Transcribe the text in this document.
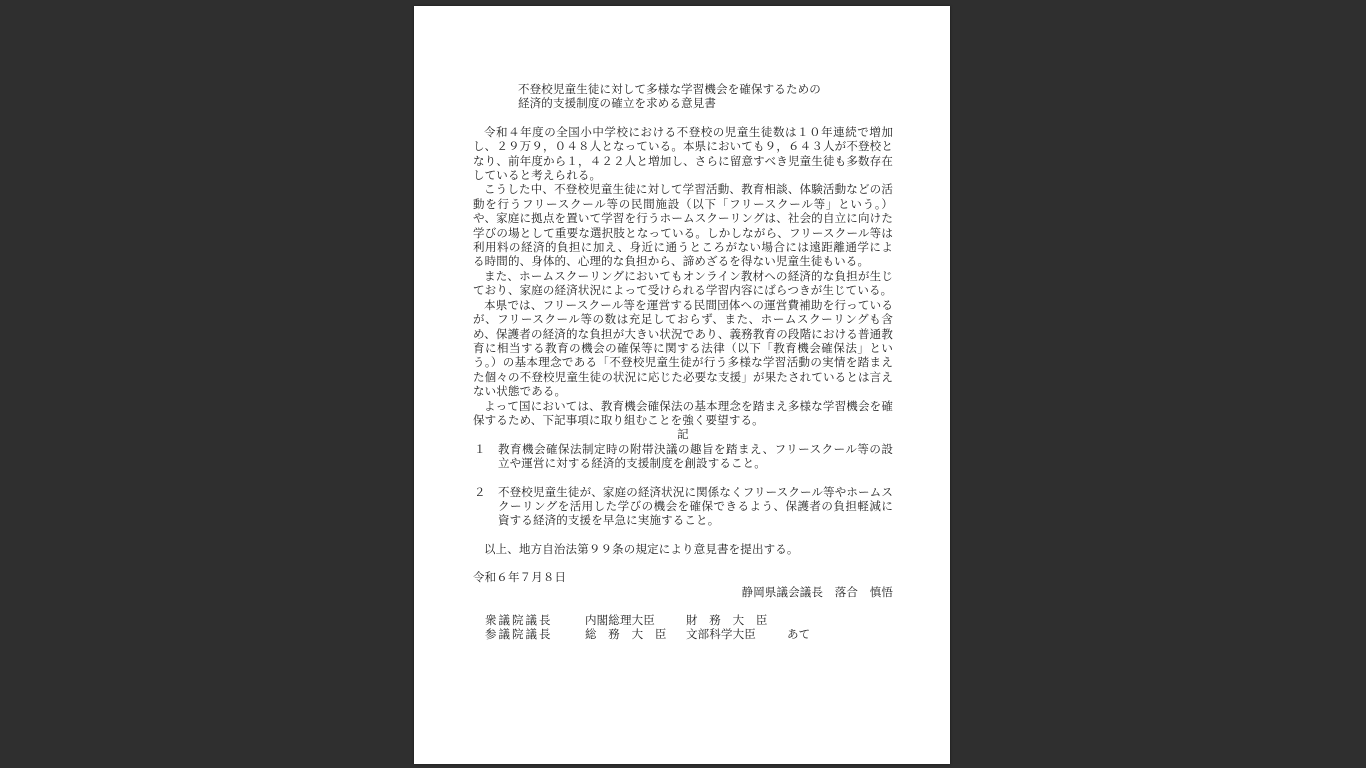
不登校児童生徒に対して多様な学習機会を確保するための
経済的支援制度の確立を求める意見書
令和４年度の全国小中学校における不登校の児童生徒数は１０年連続で増加し、２９万９，０４８人となっている。本県においても９，６４３人が不登校となり、前年度から１，４２２人と増加し、さらに留意すべき児童生徒も多数存在していると考えられる。
こうした中、不登校児童生徒に対して学習活動、教育相談、体験活動などの活動を行うフリースクール等の民間施設（以下「フリースクール等」という。）や、家庭に拠点を置いて学習を行うホームスクーリングは、社会的自立に向けた学びの場として重要な選択肢となっている。しかしながら、フリースクール等は利用料の経済的負担に加え、身近に通うところがない場合には遠距離通学による時間的、身体的、心理的な負担から、諦めざるを得ない児童生徒もいる。
また、ホームスクーリングにおいてもオンライン教材への経済的な負担が生じており、家庭の経済状況によって受けられる学習内容にばらつきが生じている。
本県では、フリースクール等を運営する民間団体への運営費補助を行っているが、フリースクール等の数は充足しておらず、また、ホームスクーリングも含め、保護者の経済的な負担が大きい状況であり、義務教育の段階における普通教育に相当する教育の機会の確保等に関する法律（以下「教育機会確保法」という。）の基本理念である「不登校児童生徒が行う多様な学習活動の実情を踏まえた個々の不登校児童生徒の状況に応じた必要な支援」が果たされているとは言えない状態である。
よって国においては、教育機会確保法の基本理念を踏まえ多様な学習機会を確保するため、下記事項に取り組むことを強く要望する。
記
１	教育機会確保法制定時の附帯決議の趣旨を踏まえ、フリースクール等の設立や運営に対する経済的支援制度を創設すること。
２	不登校児童生徒が、家庭の経済状況に関係なくフリースクール等やホームスクーリングを活用した学びの機会を確保できるよう、保護者の負担軽減に資する経済的支援を早急に実施すること。
以上、地方自治法第９９条の規定により意見書を提出する。
令和６年７月８日
静岡県議会議長　落合　慎悟
衆議院議長	内閣総理大臣	財　務　大　臣
参議院議長	総　務　大　臣	文部科学大臣	あて
